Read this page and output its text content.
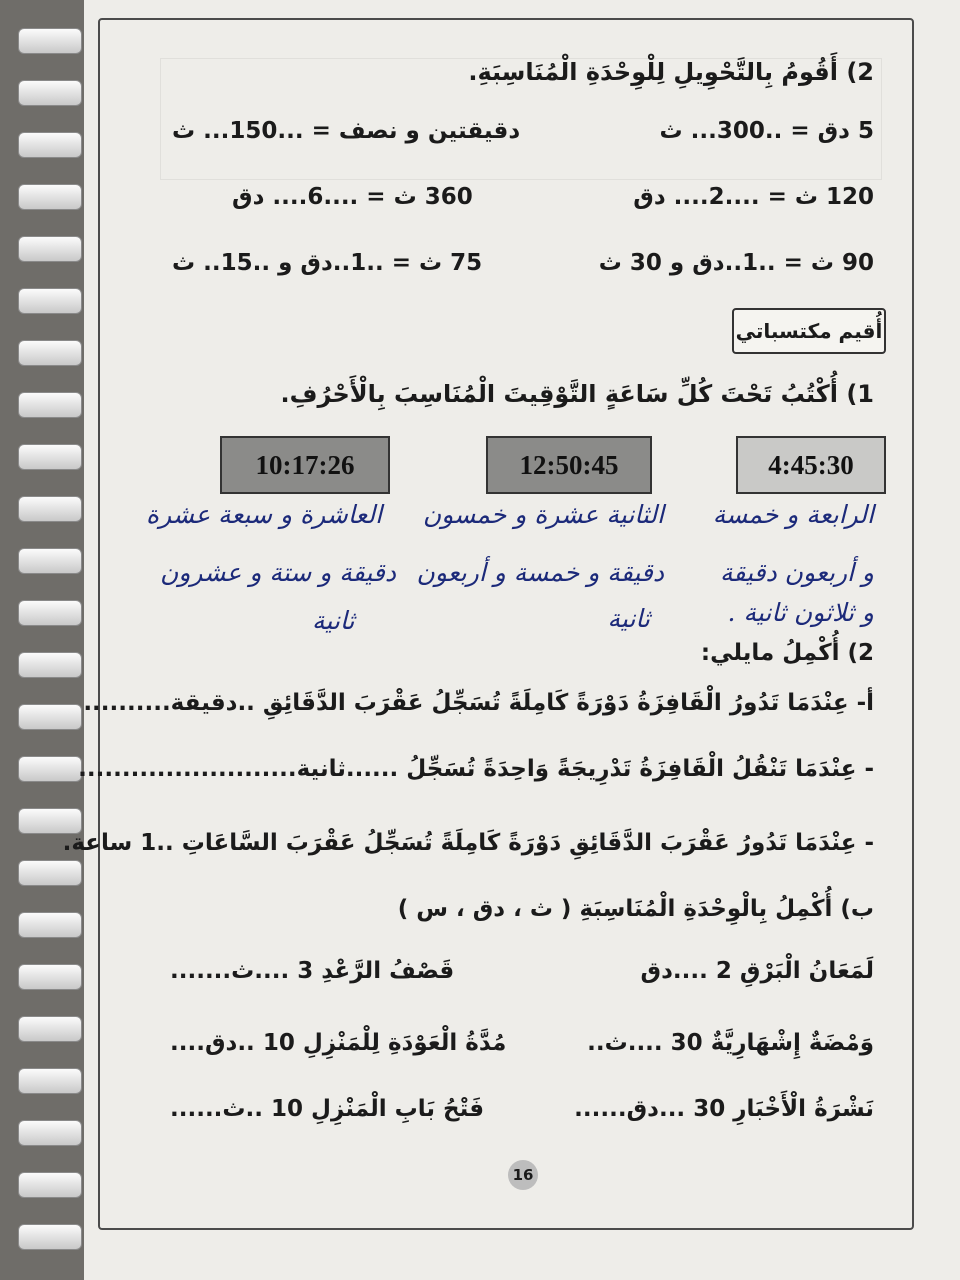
2) أَقُومُ بِالتَّحْوِيلِ لِلْوِحْدَةِ الْمُنَاسِبَةِ.
5 دق = ..300... ث
دقيقتين و نصف = ...150... ث
120 ث = ....2.... دق
360 ث = ....6.... دق
90 ث = ..1..دق و 30 ث
75 ث = ..1..دق و ..15.. ث
أُقيم مكتسباتي
1) أُكْتُبُ تَحْتَ كُلِّ سَاعَةٍ التَّوْقِيتَ الْمُنَاسِبَ بِالْأَحْرُفِ.
4:45:30
12:50:45
10:17:26
الرابعة و خمسة
و أربعون دقيقة
و ثلاثون ثانية .
الثانية عشرة و خمسون
دقيقة و خمسة و أربعون
ثانية
العاشرة و سبعة عشرة
دقيقة و ستة و عشرون
ثانية
2) أُكْمِلُ مايلي:
أ- عِنْدَمَا تَدُورُ الْقَافِزَةُ دَوْرَةً كَامِلَةً تُسَجِّلُ عَقْرَبَ الدَّقَائِقِ ..دقيقة..........
- عِنْدَمَا تَنْقُلُ الْقَافِزَةُ تَدْرِيجَةً وَاحِدَةً تُسَجِّلُ ......ثانية.........................
- عِنْدَمَا تَدُورُ عَقْرَبَ الدَّقَائِقِ دَوْرَةً كَامِلَةً تُسَجِّلُ عَقْرَبَ السَّاعَاتِ ..1 ساعة.
ب) أُكْمِلُ بِالْوِحْدَةِ الْمُنَاسِبَةِ ( ث ، دق ، س )
لَمَعَانُ الْبَرْقِ 2 ....دق
قَصْفُ الرَّعْدِ 3 ....ث.......
وَمْضَةٌ إِشْهَارِيَّةٌ 30 ....ث..
مُدَّةُ الْعَوْدَةِ لِلْمَنْزِلِ 10 ..دق....
نَشْرَةُ الْأَخْبَارِ 30 ...دق......
فَتْحُ بَابِ الْمَنْزِلِ 10 ..ث......
16
